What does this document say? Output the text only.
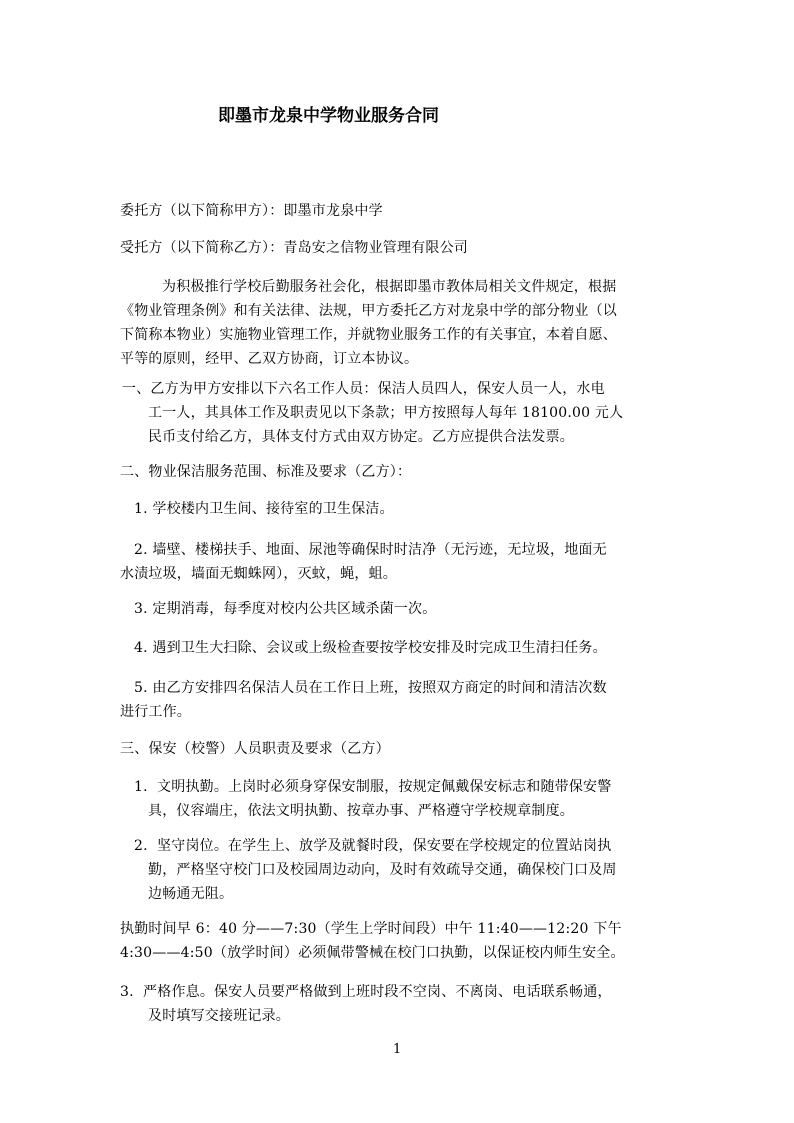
即墨市龙泉中学物业服务合同
委托方（以下简称甲方）：即墨市龙泉中学
受托方（以下简称乙方）：青岛安之信物业管理有限公司
为积极推行学校后勤服务社会化，根据即墨市教体局相关文件规定，根据
《物业管理条例》和有关法律、法规，甲方委托乙方对龙泉中学的部分物业（以
下简称本物业）实施物业管理工作，并就物业服务工作的有关事宜，本着自愿、
平等的原则，经甲、乙双方协商，订立本协议。
一、乙方为甲方安排以下六名工作人员：保洁人员四人，保安人员一人，水电
工一人，其具体工作及职责见以下条款；甲方按照每人每年 18100.00 元人
民币支付给乙方，具体支付方式由双方协定。乙方应提供合法发票。
二、物业保洁服务范围、标准及要求（乙方）：
1. 学校楼内卫生间、接待室的卫生保洁。
2. 墙壁、楼梯扶手、地面、尿池等确保时时洁净（无污迹，无垃圾，地面无
水渍垃圾，墙面无蜘蛛网），灭蚊，蝇，蛆。
3. 定期消毒，每季度对校内公共区域杀菌一次。
4. 遇到卫生大扫除、会议或上级检查要按学校安排及时完成卫生清扫任务。
5. 由乙方安排四名保洁人员在工作日上班，按照双方商定的时间和清洁次数
进行工作。
三、保安（校警）人员职责及要求（乙方）
1.  文明执勤。上岗时必须身穿保安制服，按规定佩戴保安标志和随带保安警
具，仪容端庄，依法文明执勤、按章办事、严格遵守学校规章制度。
2.  坚守岗位。在学生上、放学及就餐时段，保安要在学校规定的位置站岗执
勤，严格坚守校门口及校园周边动向，及时有效疏导交通，确保校门口及周
边畅通无阻。
执勤时间早 6：40 分——7:30（学生上学时间段）中午 11:40——12:20 下午
4:30——4:50（放学时间）必须佩带警械在校门口执勤，以保证校内师生安全。
3.  严格作息。保安人员要严格做到上班时段不空岗、不离岗、电话联系畅通，
及时填写交接班记录。
1
